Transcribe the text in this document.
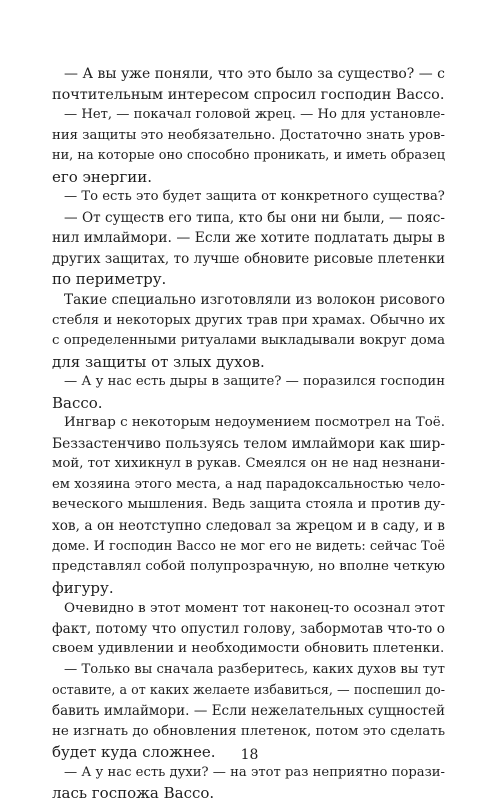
— А вы уже поняли, что это было за существо? — с
почтительным интересом спросил господин Вассо.
— Нет, — покачал головой жрец. — Но для установле-
ния защиты это необязательно. Достаточно знать уров-
ни, на которые оно способно проникать, и иметь образец
его энергии.
— То есть это будет защита от конкретного существа?
— От существ его типа, кто бы они ни были, — пояс-
нил имлаймори. — Если же хотите подлатать дыры в
других защитах, то лучше обновите рисовые плетенки
по периметру.
Такие специально изготовляли из волокон рисового
стебля и некоторых других трав при храмах. Обычно их
с определенными ритуалами выкладывали вокруг дома
для защиты от злых духов.
— А у нас есть дыры в защите? — поразился господин
Вассо.
Ингвар с некоторым недоумением посмотрел на Тоё.
Беззастенчиво пользуясь телом имлаймори как шир-
мой, тот хихикнул в рукав. Смеялся он не над незнани-
ем хозяина этого места, а над парадоксальностью чело-
веческого мышления. Ведь защита стояла и против ду-
хов, а он неотступно следовал за жрецом и в саду, и в
доме. И господин Вассо не мог его не видеть: сейчас Тоё
представлял собой полупрозрачную, но вполне четкую
фигуру.
Очевидно в этот момент тот наконец-то осознал этот
факт, потому что опустил голову, забормотав что-то о
своем удивлении и необходимости обновить плетенки.
— Только вы сначала разберитесь, каких духов вы тут
оставите, а от каких желаете избавиться, — поспешил до-
бавить имлаймори. — Если нежелательных сущностей
не изгнать до обновления плетенок, потом это сделать
будет куда сложнее.
— А у нас есть духи? — на этот раз неприятно порази-
лась госпожа Вассо.
18
